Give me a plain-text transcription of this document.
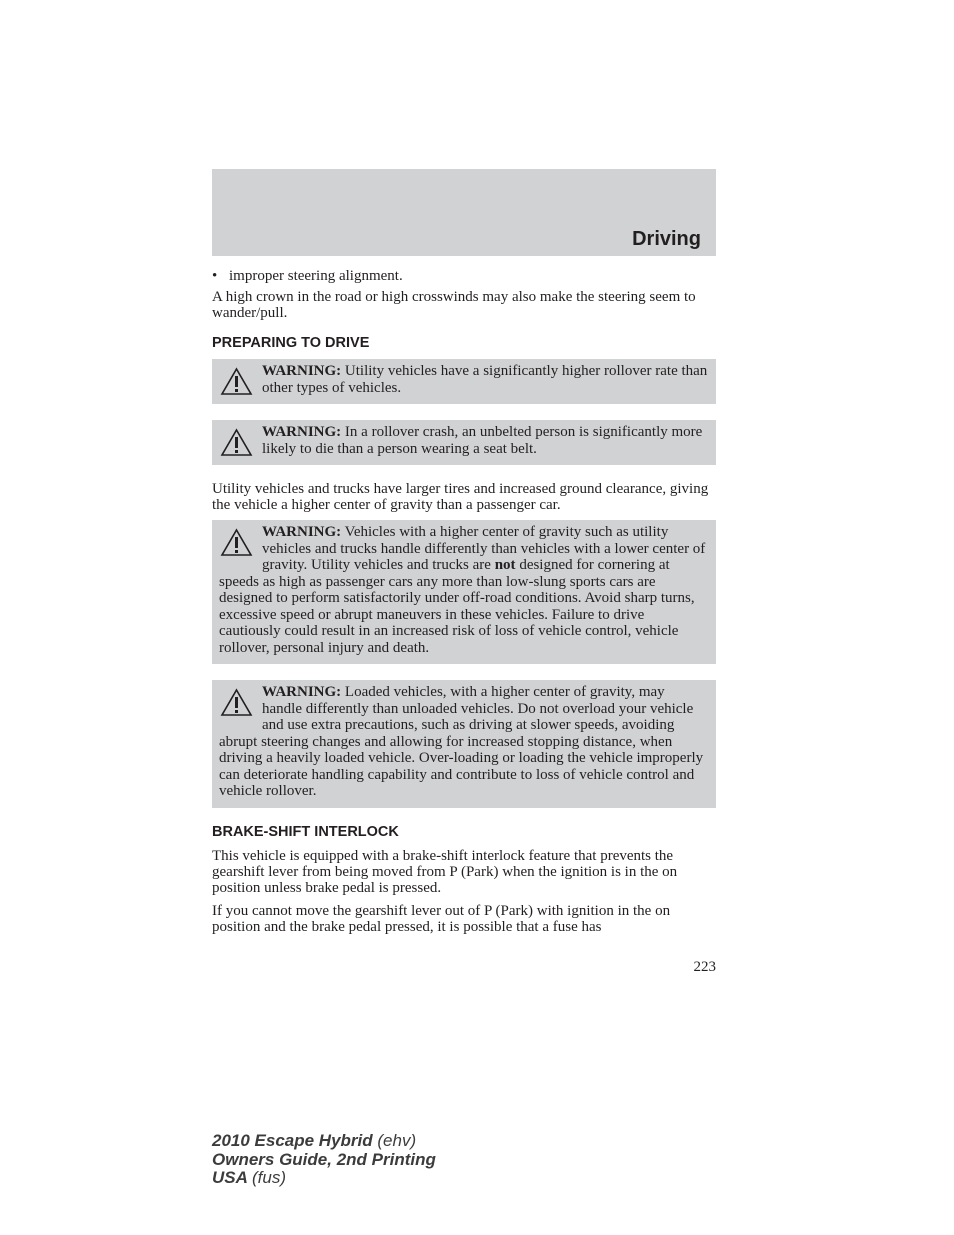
Driving

• improper steering alignment.

A high crown in the road or high crosswinds may also make the steering seem to wander/pull.

PREPARING TO DRIVE
WARNING: Utility vehicles have a significantly higher rollover rate than other types of vehicles.
WARNING: In a rollover crash, an unbelted person is significantly more likely to die than a person wearing a seat belt.

Utility vehicles and trucks have larger tires and increased ground clearance, giving the vehicle a higher center of gravity than a passenger car.

WARNING: Vehicles with a higher center of gravity such as utility vehicles and trucks handle differently than vehicles with a lower center of gravity. Utility vehicles and trucks are not designed for cornering at speeds as high as passenger cars any more than low-slung sports cars are designed to perform satisfactorily under off-road conditions. Avoid sharp turns, excessive speed or abrupt maneuvers in these vehicles. Failure to drive cautiously could result in an increased risk of loss of vehicle control, vehicle rollover, personal injury and death.
WARNING: Loaded vehicles, with a higher center of gravity, may handle differently than unloaded vehicles. Do not overload your vehicle and use extra precautions, such as driving at slower speeds, avoiding abrupt steering changes and allowing for increased stopping distance, when driving a heavily loaded vehicle. Over-loading or loading the vehicle improperly can deteriorate handling capability and contribute to loss of vehicle control and vehicle rollover.
BRAKE-SHIFT INTERLOCK

This vehicle is equipped with a brake-shift interlock feature that prevents the gearshift lever from being moved from P (Park) when the ignition is in the on position unless brake pedal is pressed.

If you cannot move the gearshift lever out of P (Park) with ignition in the on position and the brake pedal pressed, it is possible that a fuse has

223
2010 Escape Hybrid (ehv)
Owners Guide, 2nd Printing
USA (fus)
